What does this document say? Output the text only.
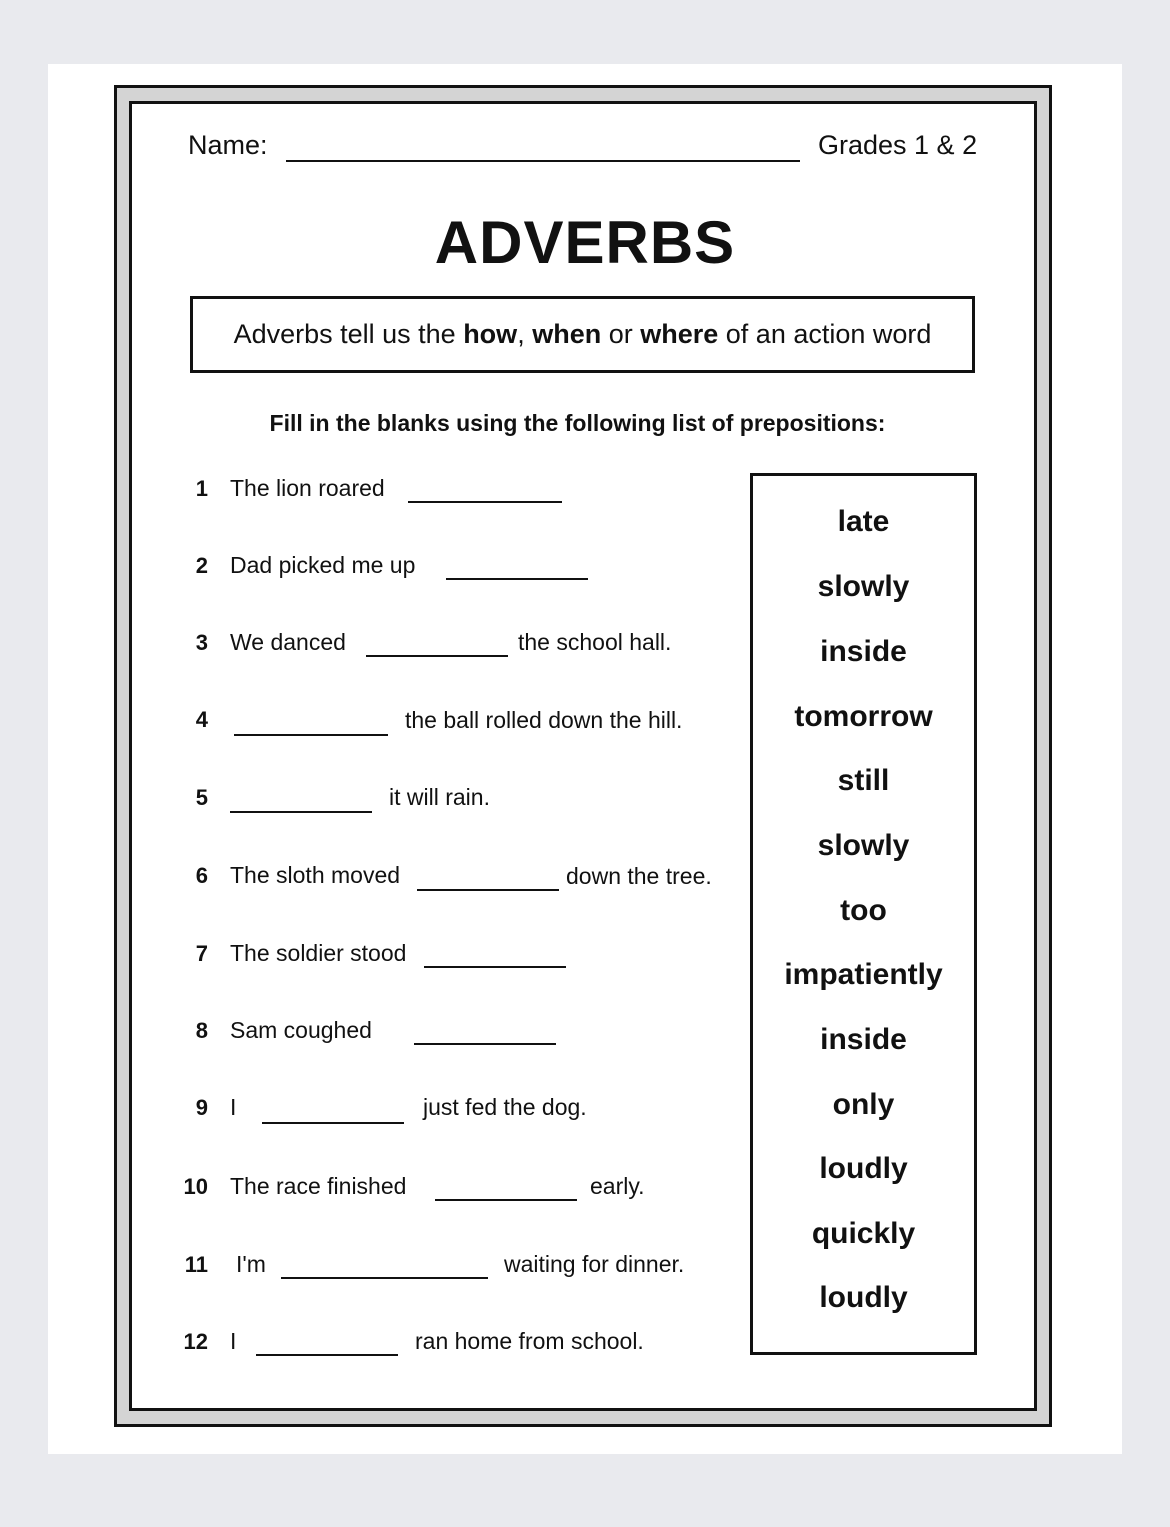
Name:	Grades 1 & 2
ADVERBS
Adverbs tell us the how , when or where of an action word
Fill in the blanks using the following list of prepositions:
1 The lion roared
2 Dad picked me up
3 We danced	the school hall.
4	the ball rolled down the hill.
5	it will rain.
6 The sloth moved	down the tree.
7 The soldier stood
8 Sam coughed
9 I	just fed the dog.
10 The race finished	early.
11 I'm	waiting for dinner.
12 I	ran home from school.
late
slowly
inside
tomorrow
still
slowly
too
impatiently
inside
only
loudly
quickly
loudly
